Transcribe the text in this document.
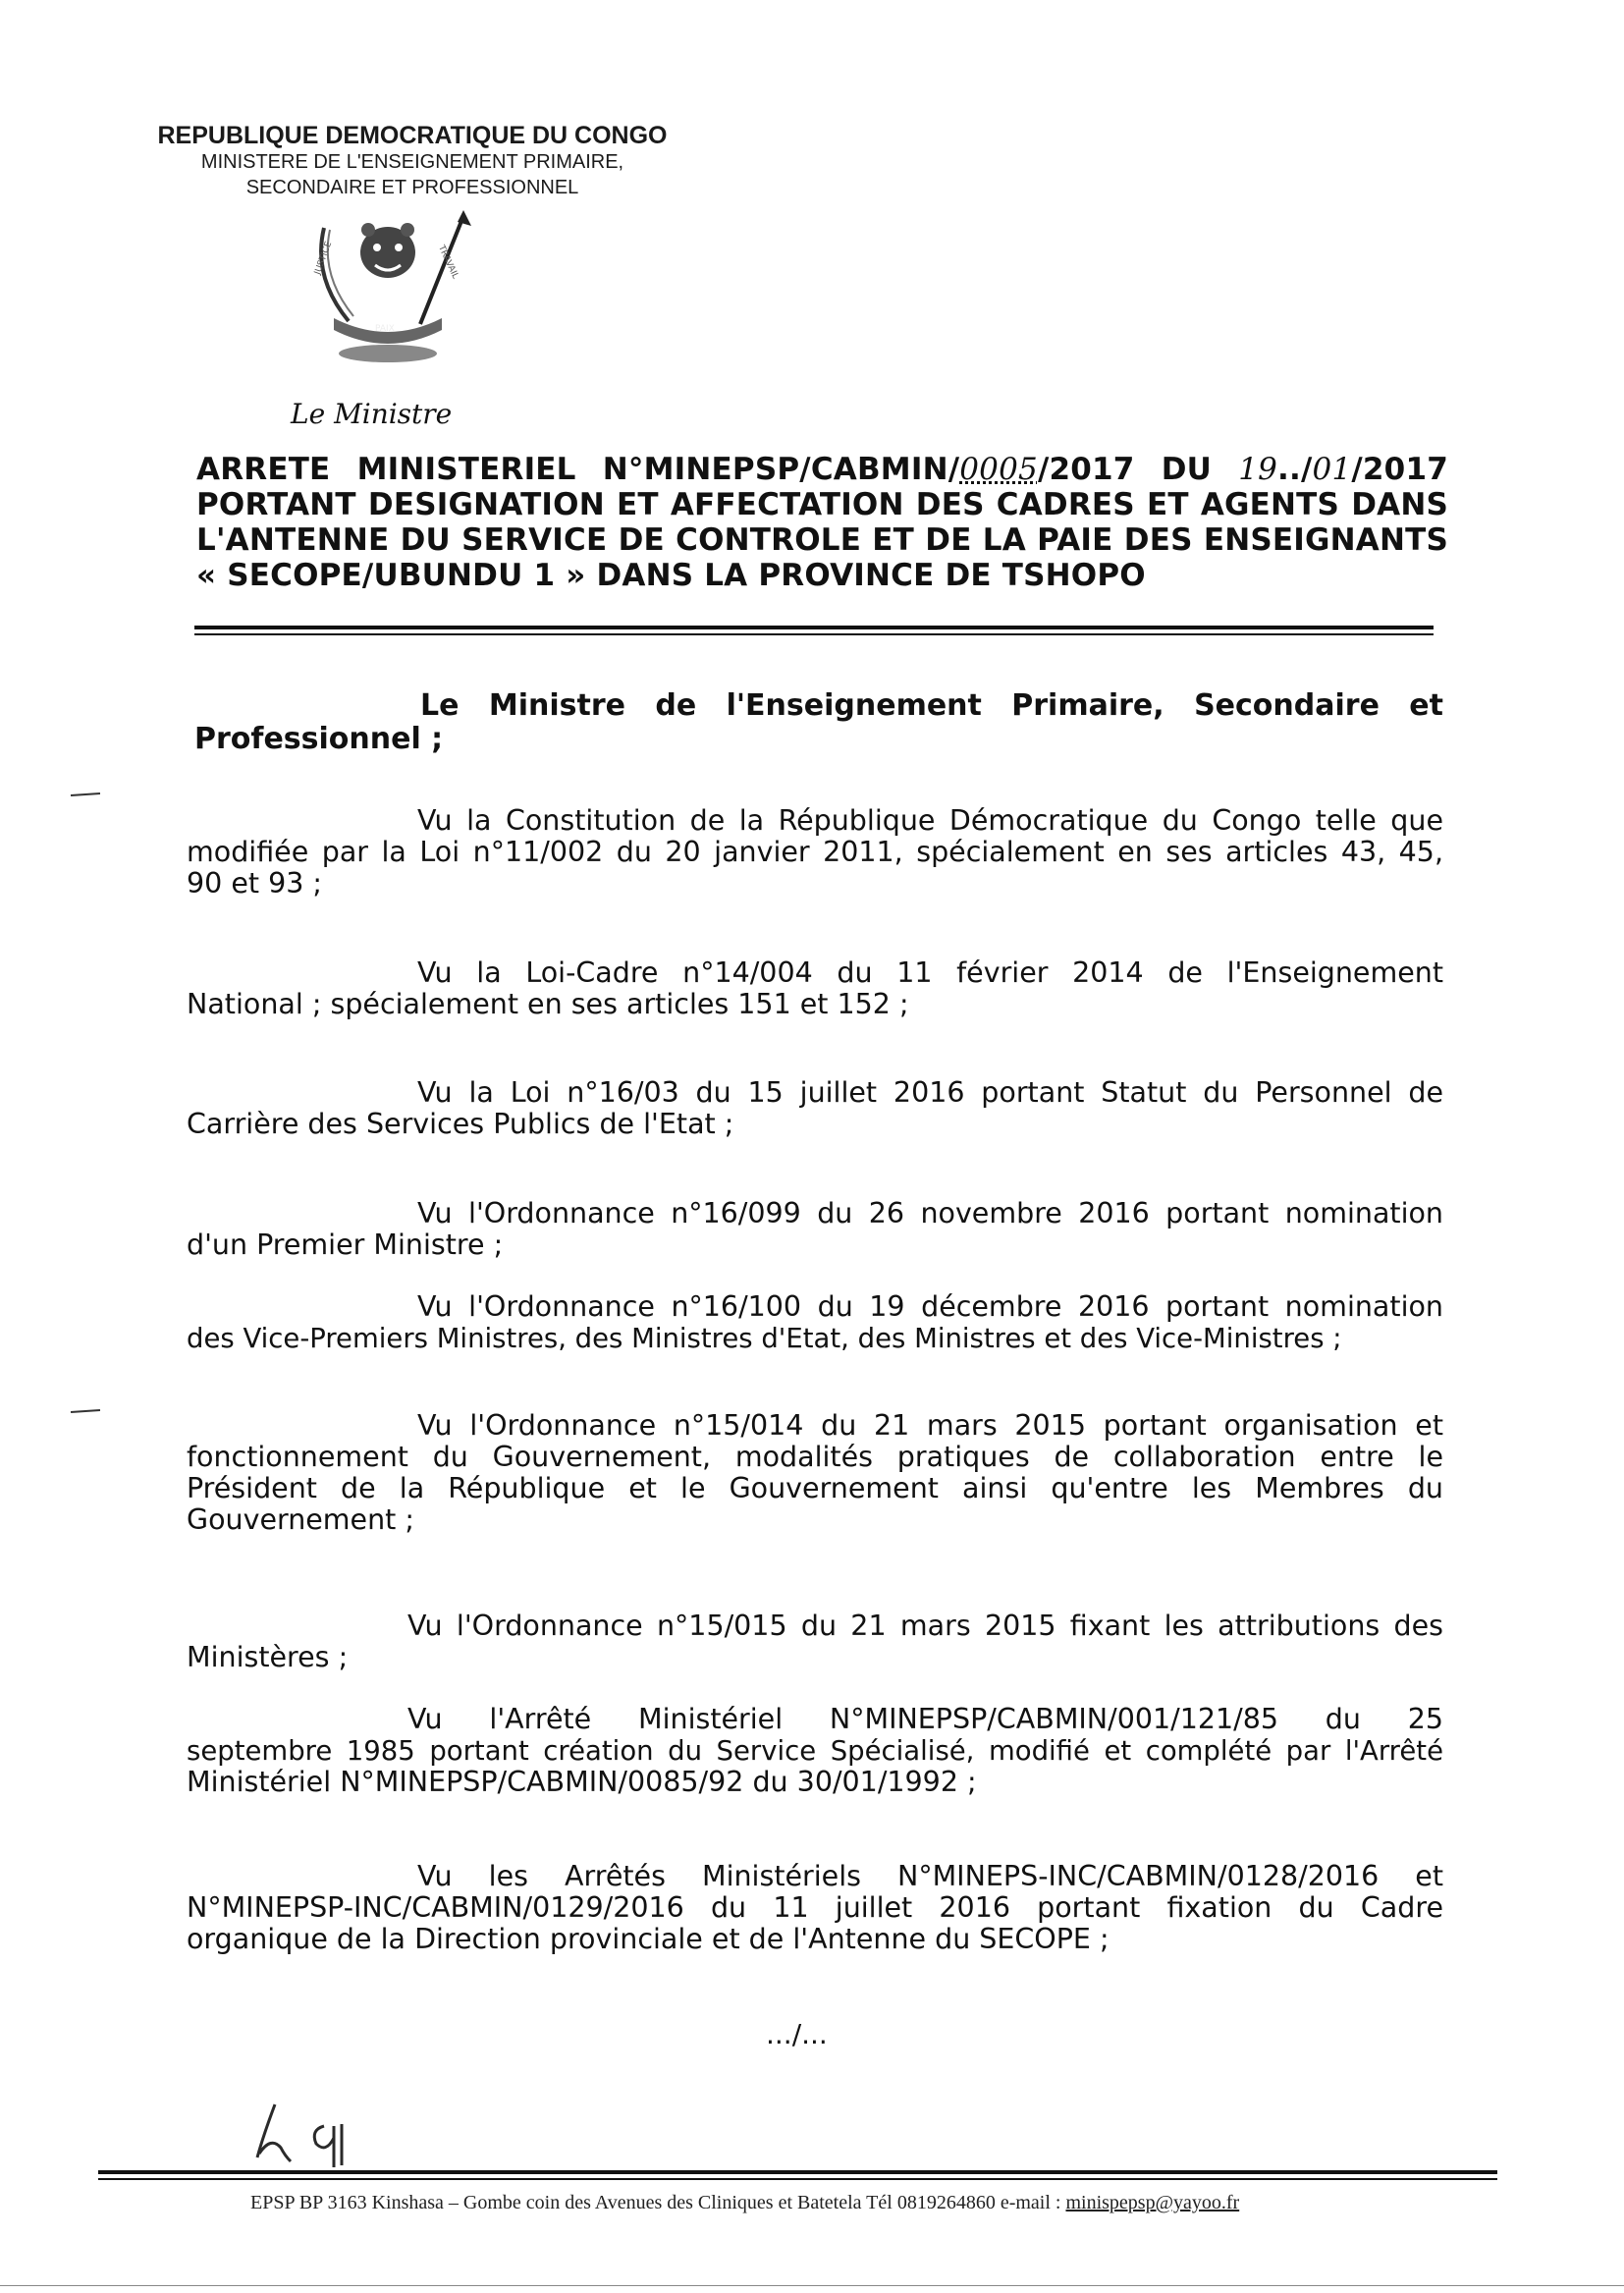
REPUBLIQUE DEMOCRATIQUE DU CONGO
MINISTERE DE L'ENSEIGNEMENT PRIMAIRE,
SECONDAIRE ET PROFESSIONNEL
JUSTICE
PAIX
TRAVAIL
Le Ministre
ARRETE MINISTERIEL N°MINEPSP/CABMIN/0005/2017 DU 19../01/2017
PORTANT DESIGNATION ET AFFECTATION DES CADRES ET AGENTS DANS
L'ANTENNE DU SERVICE DE CONTROLE ET DE LA PAIE DES ENSEIGNANTS
« SECOPE/UBUNDU 1 » DANS LA PROVINCE DE TSHOPO
Le Ministre de l'Enseignement Primaire, Secondaire et
Professionnel ;
Vu la Constitution de la République Démocratique du Congo telle que
modifiée par la Loi n°11/002 du 20 janvier 2011, spécialement en ses articles 43, 45,
90 et 93 ;
Vu la Loi-Cadre n°14/004 du 11 février 2014 de l'Enseignement
National ; spécialement en ses articles 151 et 152 ;
Vu la Loi n°16/03 du 15 juillet 2016 portant Statut du Personnel de
Carrière des Services Publics de l'Etat ;
Vu l'Ordonnance n°16/099 du 26 novembre 2016 portant nomination
d'un Premier Ministre ;
Vu l'Ordonnance n°16/100 du 19 décembre 2016 portant nomination
des Vice-Premiers Ministres, des Ministres d'Etat, des Ministres et des Vice-Ministres ;
Vu l'Ordonnance n°15/014 du 21 mars 2015 portant organisation et
fonctionnement du Gouvernement, modalités pratiques de collaboration entre le
Président de la République et le Gouvernement ainsi qu'entre les Membres du
Gouvernement ;
Vu l'Ordonnance n°15/015 du 21 mars 2015 fixant les attributions des
Ministères ;
Vu l'Arrêté Ministériel N°MINEPSP/CABMIN/001/121/85 du 25
septembre 1985 portant création du Service Spécialisé, modifié et complété par l'Arrêté
Ministériel N°MINEPSP/CABMIN/0085/92 du 30/01/1992 ;
Vu les Arrêtés Ministériels N°MINEPS-INC/CABMIN/0128/2016 et
N°MINEPSP-INC/CABMIN/0129/2016 du 11 juillet 2016 portant fixation du Cadre
organique de la Direction provinciale et de l'Antenne du SECOPE ;
.../...
EPSP BP 3163 Kinshasa – Gombe coin des Avenues des Cliniques et Batetela Tél 0819264860 e-mail : minispepsp@yayoo.fr
